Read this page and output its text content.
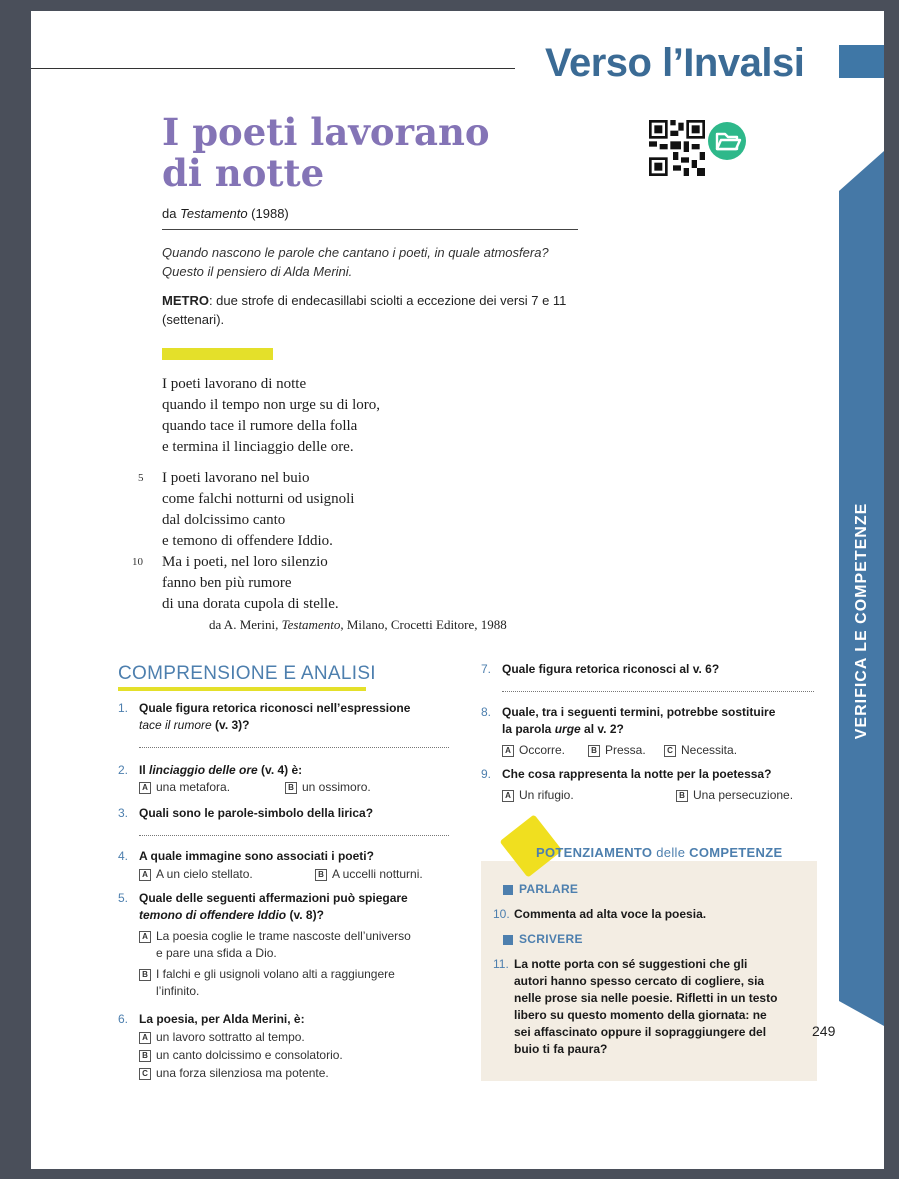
Verso l’Invalsi
VERIFICA LE COMPETENZE
I poeti lavorano
di notte
da Testamento (1988)
Quando nascono le parole che cantano i poeti, in quale atmosfera?
Questo il pensiero di Alda Merini.
METRO: due strofe di endecasillabi sciolti a eccezione dei versi 7 e 11 (settenari).
I poeti lavorano di notte
quando il tempo non urge su di loro,
quando tace il rumore della folla
e termina il linciaggio delle ore.
5 I poeti lavorano nel buio
come falchi notturni od usignoli
dal dolcissimo canto
e temono di offendere Iddio.
Ma i poeti, nel loro silenzio
fanno ben più rumore
di una dorata cupola di stelle.
10
da A. Merini, Testamento, Milano, Crocetti Editore, 1988
COMPRENSIONE E ANALISI
1. Quale figura retorica riconosci nell’espressione
tace il rumore (v. 3)?
2. Il linciaggio delle ore (v. 4) è:
A una metafora.	B un ossimoro.
3. Quali sono le parole-simbolo della lirica?
4. A quale immagine sono associati i poeti?
A A un cielo stellato.	B A uccelli notturni.
5. Quale delle seguenti affermazioni può spiegare
temono di offendere Iddio (v. 8)?
A La poesia coglie le trame nascoste dell’universo
e pare una sfida a Dio.
B I falchi e gli usignoli volano alti a raggiungere
l’infinito.
6. La poesia, per Alda Merini, è:
A un lavoro sottratto al tempo.
B un canto dolcissimo e consolatorio.
C una forza silenziosa ma potente.
7. Quale figura retorica riconosci al v. 6?
8. Quale, tra i seguenti termini, potrebbe sostituire
la parola urge al v. 2?
A Occorre.	B Pressa.	C Necessita.
9. Che cosa rappresenta la notte per la poetessa?
A Un rifugio.	B Una persecuzione.
POTENZIAMENTO delle COMPETENZE
PARLARE
10. Commenta ad alta voce la poesia.
SCRIVERE
11. La notte porta con sé suggestioni che gli
autori hanno spesso cercato di cogliere, sia
nelle prose sia nelle poesie. Rifletti in un testo
libero su questo momento della giornata: ne
sei affascinato oppure il sopraggiungere del
buio ti fa paura?
249
